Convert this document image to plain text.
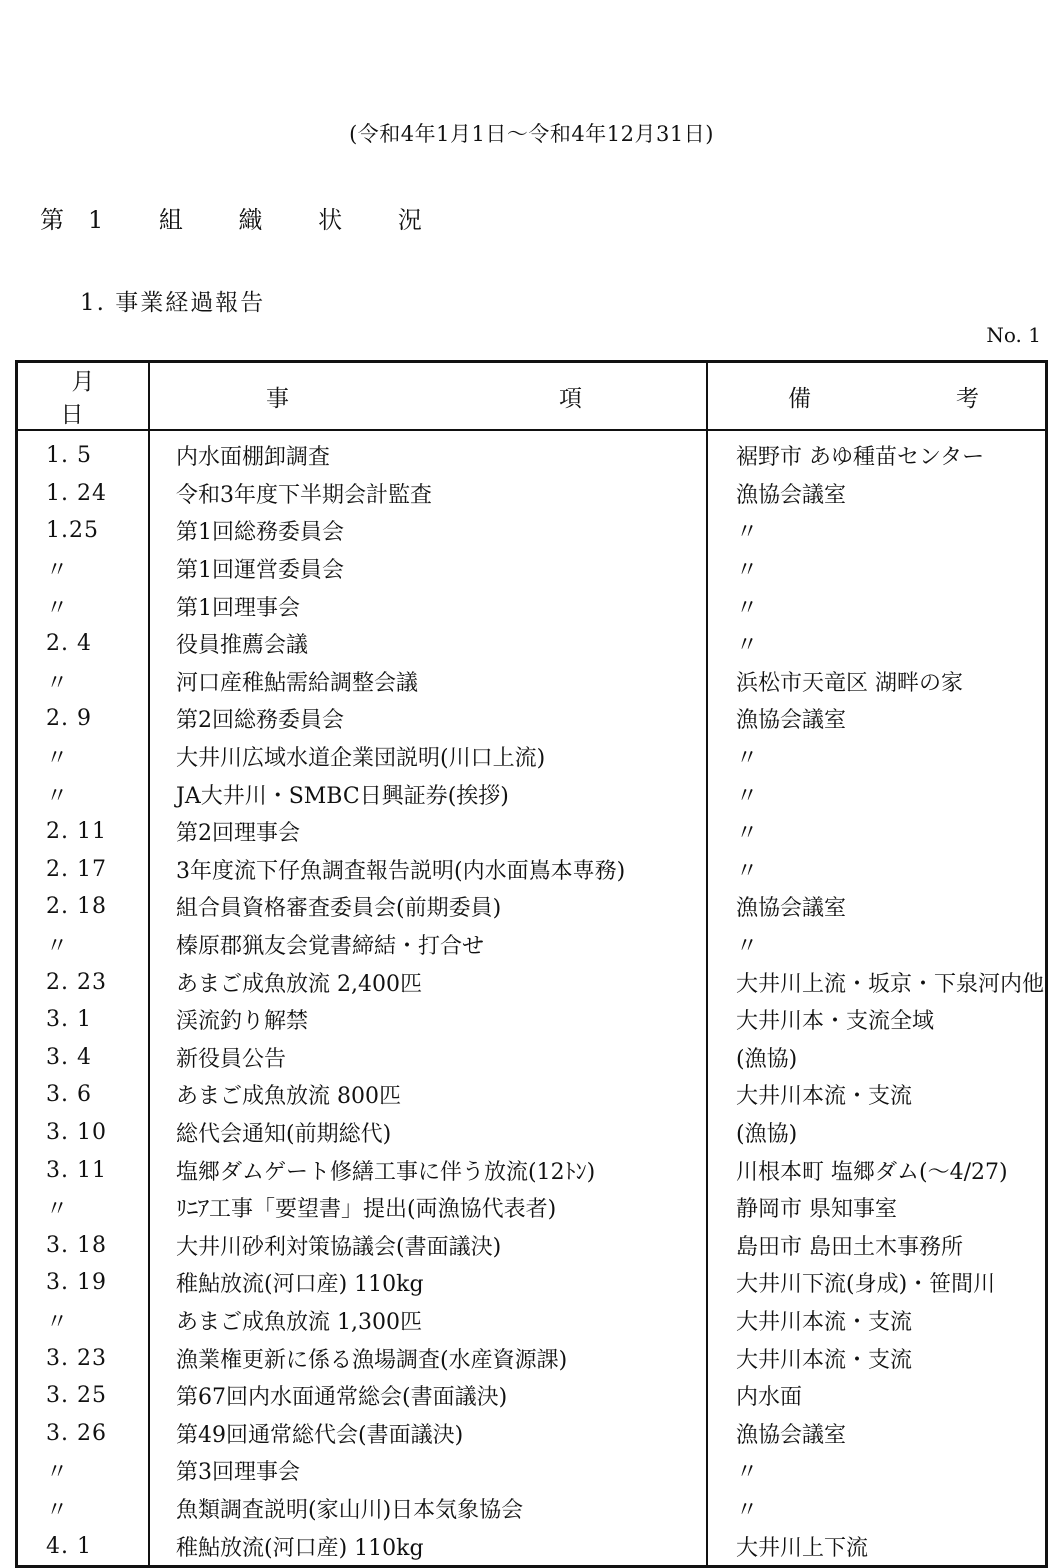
(令和4年1月1日～令和4年12月31日)
第1 組 織 状 況
1. 事業経過報告
No. 1
月 日	事 項	備 考

1. 5	内水面棚卸調査	裾野市 あゆ種苗センター
1. 24	令和3年度下半期会計監査	漁協会議室
1.25	第1回総務委員会	〃
〃	第1回運営委員会	〃
〃	第1回理事会	〃
2. 4	役員推薦会議	〃
〃	河口産稚鮎需給調整会議	浜松市天竜区 湖畔の家
2. 9	第2回総務委員会	漁協会議室
〃	大井川広域水道企業団説明(川口上流)	〃
〃	JA大井川・SMBC日興証券(挨拶)	〃
2. 11	第2回理事会	〃
2. 17	3年度流下仔魚調査報告説明(内水面嶌本専務)	〃
2. 18	組合員資格審査委員会(前期委員)	漁協会議室
〃	榛原郡猟友会覚書締結・打合せ	〃
2. 23	あまご成魚放流 2,400匹	大井川上流・坂京・下泉河内他
3. 1	渓流釣り解禁	大井川本・支流全域
3. 4	新役員公告	(漁協)
3. 6	あまご成魚放流 800匹	大井川本流・支流
3. 10	総代会通知(前期総代)	(漁協)
3. 11	塩郷ダムゲート修繕工事に伴う放流(12ﾄﾝ)	川根本町 塩郷ダム(～4/27)
〃	ﾘﾆｱ工事「要望書」提出(両漁協代表者)	静岡市 県知事室
3. 18	大井川砂利対策協議会(書面議決)	島田市 島田土木事務所
3. 19	稚鮎放流(河口産) 110kg	大井川下流(身成)・笹間川
〃	あまご成魚放流 1,300匹	大井川本流・支流
3. 23	漁業権更新に係る漁場調査(水産資源課)	大井川本流・支流
3. 25	第67回内水面通常総会(書面議決)	内水面
3. 26	第49回通常総代会(書面議決)	漁協会議室
〃	第3回理事会	〃
〃	魚類調査説明(家山川)日本気象協会	〃
4. 1	稚鮎放流(河口産) 110kg	大井川上下流
